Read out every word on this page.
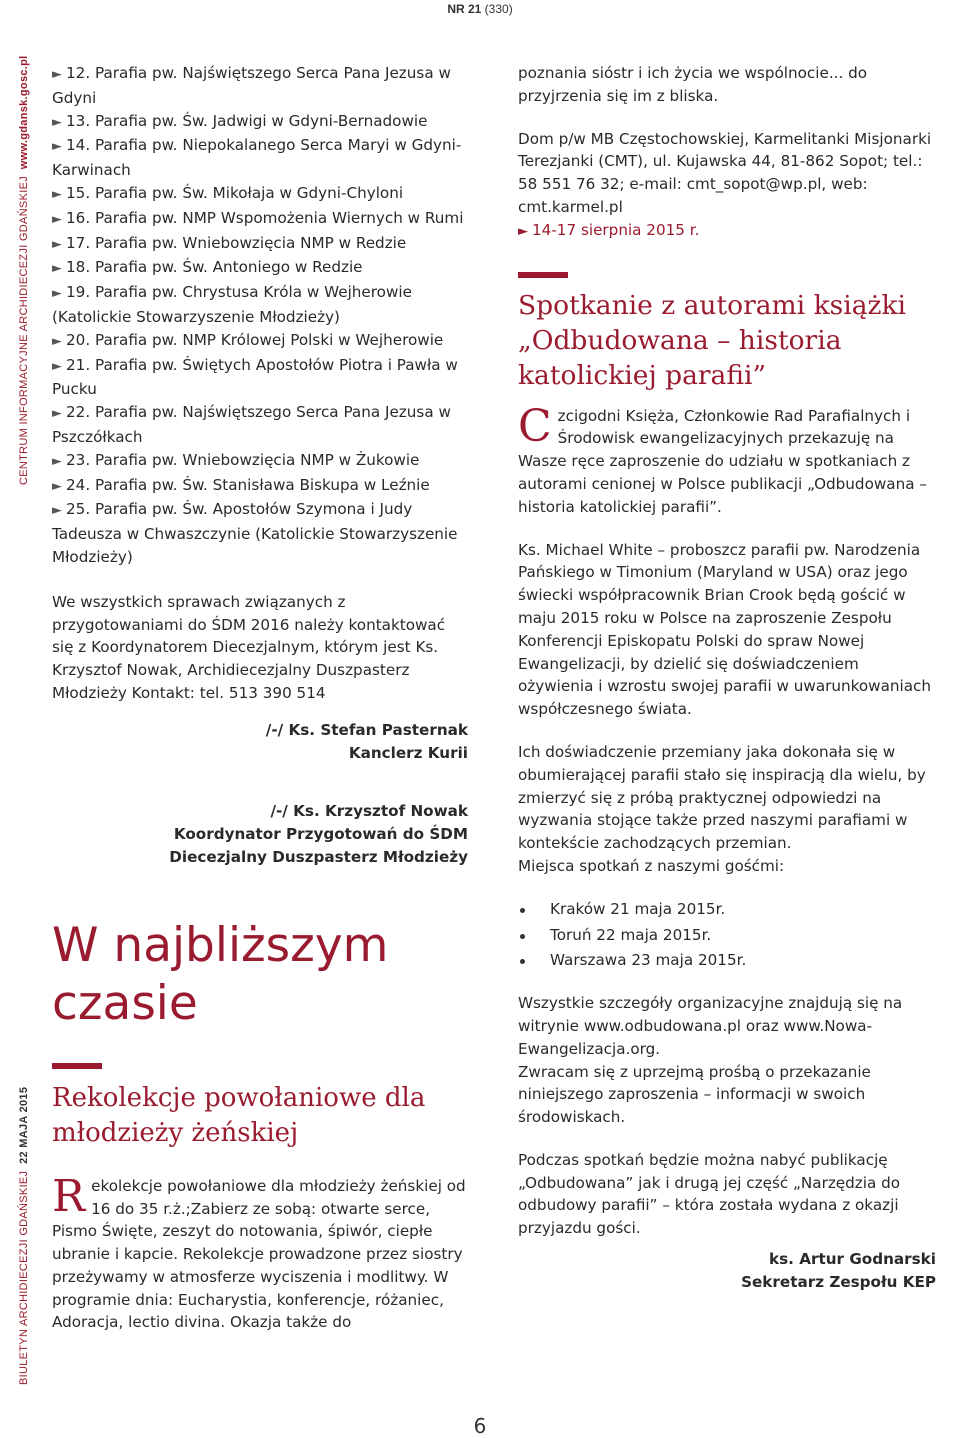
NR 21 (330)
CENTRUM INFORMACYJNE ARCHIDIECEZJI GDAŃSKIEJ  www.gdansk.gosc.pl
BIULETYN ARCHIDIECEZJI GDAŃSKIEJ  22 MAJA 2015

► 12. Parafia pw. Najświętszego Serca Pana Jezusa w Gdyni

► 13. Parafia pw. Św. Jadwigi w Gdyni-Bernadowie

► 14. Parafia pw. Niepokalanego Serca Maryi w Gdyni-Karwinach

► 15. Parafia pw. Św. Mikołaja w Gdyni-Chyloni

► 16. Parafia pw. NMP Wspomożenia Wiernych w Rumi

► 17. Parafia pw. Wniebowzięcia NMP w Redzie

► 18. Parafia pw. Św. Antoniego w Redzie

► 19. Parafia pw. Chrystusa Króla w Wejherowie (Katolickie Stowarzyszenie Młodzieży)

► 20. Parafia pw. NMP Królowej Polski w Wejherowie

► 21. Parafia pw. Świętych Apostołów Piotra i Pawła w Pucku

► 22. Parafia pw. Najświętszego Serca Pana Jezusa w Pszczółkach

► 23. Parafia pw. Wniebowzięcia NMP w Żukowie

► 24. Parafia pw. Św. Stanisława Biskupa w Leźnie

► 25. Parafia pw. Św. Apostołów Szymona i Judy Tadeusza w Chwaszczynie (Katolickie Stowarzyszenie Młodzieży)

We wszystkich sprawach związanych z przygotowaniami do ŚDM 2016 należy kontaktować się z Koordynatorem Diecezjalnym, którym jest Ks. Krzysztof Nowak, Archidiecezjalny Duszpasterz Młodzieży Kontakt: tel. 513 390 514

/-/ Ks. Stefan Pasternak

Kanclerz Kurii

/-/ Ks. Krzysztof Nowak

Koordynator Przygotowań do ŚDM

Diecezjalny Duszpasterz Młodzieży

W najbliższym czasie
Rekolekcje powołaniowe dla młodzieży żeńskiej

Rekolekcje powołaniowe dla młodzieży żeńskiej od 16 do 35 r.ż.;Zabierz ze sobą: otwarte serce, Pismo Święte, zeszyt do notowania, śpiwór, ciepłe ubranie i kapcie. Rekolekcje prowadzone przez siostry przeżywamy w atmosferze wyciszenia i modlitwy. W programie dnia: Eucharystia, konferencje, różaniec, Adoracja, lectio divina. Okazja także do

poznania sióstr i ich życia we wspólnocie... do przyjrzenia się im z bliska.

Dom p/w MB Częstochowskiej, Karmelitanki Misjonarki Terezjanki (CMT), ul. Kujawska 44, 81-862 Sopot; tel.: 58 551 76 32; e-mail: cmt_sopot@wp.pl, web: cmt.karmel.pl

► 14-17 sierpnia 2015 r.

Spotkanie z autorami książki „Odbudowana – historia katolickiej parafii”

Czcigodni Księża, Członkowie Rad Parafialnych i Środowisk ewangelizacyjnych przekazuję na Wasze ręce zaproszenie do udziału w spotkaniach z autorami cenionej w Polsce publikacji „Odbudowana – historia katolickiej parafii”.

Ks. Michael White – proboszcz parafii pw. Narodzenia Pańskiego w Timonium (Maryland w USA) oraz jego świecki współpracownik Brian Crook będą gościć w maju 2015 roku w Polsce na zaproszenie Zespołu Konferencji Episkopatu Polski do spraw Nowej Ewangelizacji, by dzielić się doświadczeniem ożywienia i wzrostu swojej parafii w uwarunkowaniach współczesnego świata.

Ich doświadczenie przemiany jaka dokonała się w obumierającej parafii stało się inspiracją dla wielu, by zmierzyć się z próbą praktycznej odpowiedzi na wyzwania stojące także przed naszymi parafiami w kontekście zachodzących przemian.

Miejsca spotkań z naszymi gośćmi:

Kraków 21 maja 2015r.
Toruń 22 maja 2015r.
Warszawa 23 maja 2015r.

Wszystkie szczegóły organizacyjne znajdują się na witrynie www.odbudowana.pl oraz www.Nowa-Ewangelizacja.org.

Zwracam się z uprzejmą prośbą o przekazanie niniejszego zaproszenia – informacji w swoich środowiskach.

Podczas spotkań będzie można nabyć publikację „Odbudowana” jak i drugą jej część „Narzędzia do odbudowy parafii” – która została wydana z okazji przyjazdu gości.

ks. Artur Godnarski

Sekretarz Zespołu KEP

6
